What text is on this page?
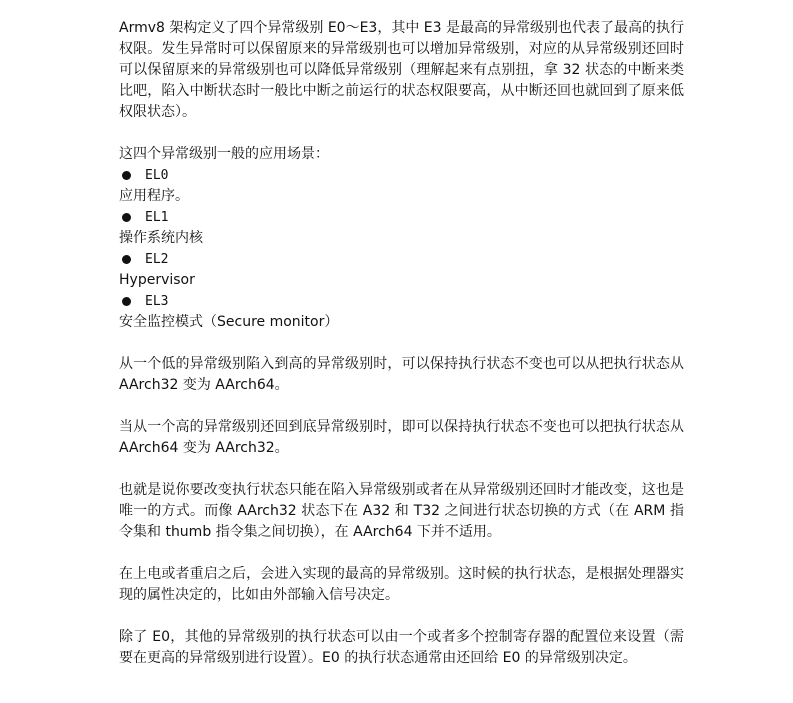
Armv8 架构定义了四个异常级别 E0～E3，其中 E3 是最高的异常级别也代表了最高的执行权限。发生异常时可以保留原来的异常级别也可以增加异常级别，对应的从异常级别还回时可以保留原来的异常级别也可以降低异常级别（理解起来有点别扭，拿 32 状态的中断来类比吧，陷入中断状态时一般比中断之前运行的状态权限要高，从中断还回也就回到了原来低权限状态）。

这四个异常级别一般的应用场景：

EL0
应用程序。
EL1
操作系统内核
EL2
Hypervisor
EL3
安全监控模式（Secure monitor）

从一个低的异常级别陷入到高的异常级别时，可以保持执行状态不变也可以从把执行状态从 AArch32 变为 AArch64。

当从一个高的异常级别还回到底异常级别时，即可以保持执行状态不变也可以把执行状态从 AArch64 变为 AArch32。

也就是说你要改变执行状态只能在陷入异常级别或者在从异常级别还回时才能改变，这也是唯一的方式。而像 AArch32 状态下在 A32 和 T32 之间进行状态切换的方式（在 ARM 指令集和 thumb 指令集之间切换），在 AArch64 下并不适用。

在上电或者重启之后，会进入实现的最高的异常级别。这时候的执行状态，是根据处理器实现的属性决定的，比如由外部输入信号决定。

除了 E0，其他的异常级别的执行状态可以由一个或者多个控制寄存器的配置位来设置（需要在更高的异常级别进行设置）。E0 的执行状态通常由还回给 E0 的异常级别决定。
